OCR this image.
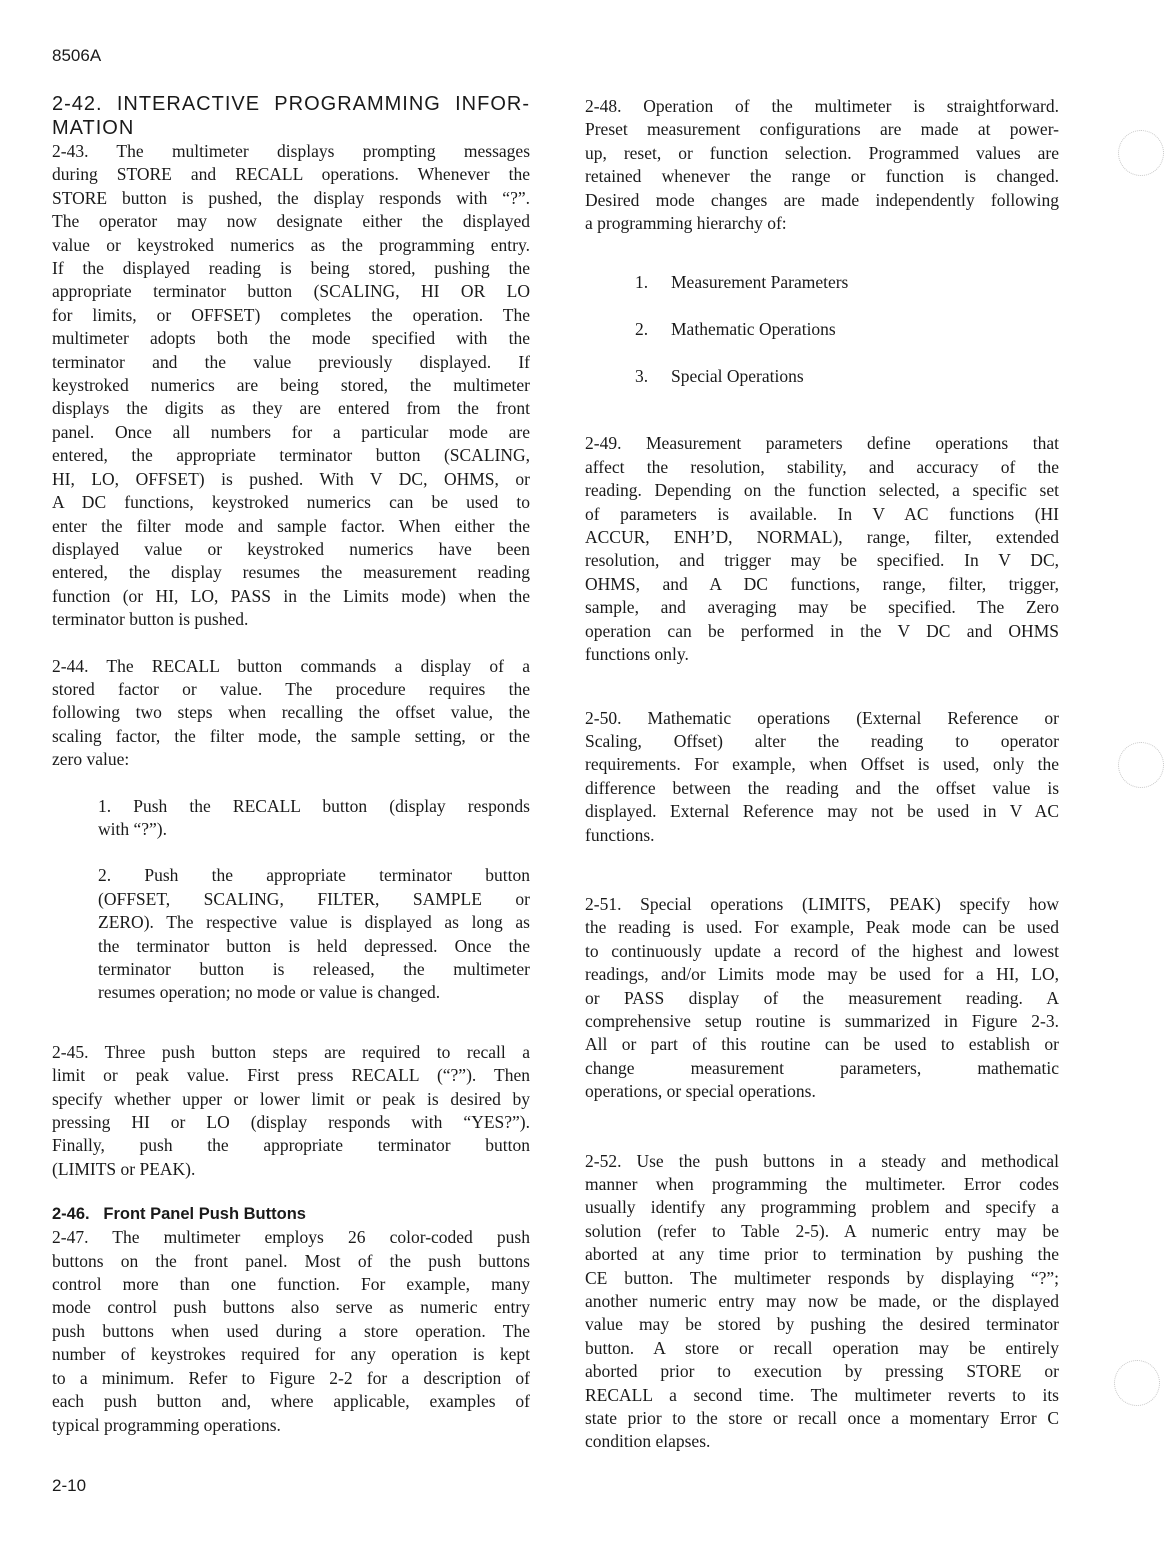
8506A
2-42. INTERACTIVE PROGRAMMING INFOR-
MATION
2-43. The multimeter displays prompting messages
during STORE and RECALL operations. Whenever the
STORE button is pushed, the display responds with “?”.
The operator may now designate either the displayed
value or keystroked numerics as the programming entry.
If the displayed reading is being stored, pushing the
appropriate terminator button (SCALING, HI OR LO
for limits, or OFFSET) completes the operation. The
multimeter adopts both the mode specified with the
terminator and the value previously displayed. If
keystroked numerics are being stored, the multimeter
displays the digits as they are entered from the front
panel. Once all numbers for a particular mode are
entered, the appropriate terminator button (SCALING,
HI, LO, OFFSET) is pushed. With V DC, OHMS, or
A DC functions, keystroked numerics can be used to
enter the filter mode and sample factor. When either the
displayed value or keystroked numerics have been
entered, the display resumes the measurement reading
function (or HI, LO, PASS in the Limits mode) when the
terminator button is pushed.
2-44. The RECALL button commands a display of a
stored factor or value. The procedure requires the
following two steps when recalling the offset value, the
scaling factor, the filter mode, the sample setting, or the
zero value:
1. Push the RECALL button (display responds
with “?”).
2. Push the appropriate terminator button
(OFFSET, SCALING, FILTER, SAMPLE or
ZERO). The respective value is displayed as long as
the terminator button is held depressed. Once the
terminator button is released, the multimeter
resumes operation; no mode or value is changed.
2-45. Three push button steps are required to recall a
limit or peak value. First press RECALL (“?”). Then
specify whether upper or lower limit or peak is desired by
pressing HI or LO (display responds with “YES?”).
Finally, push the appropriate terminator button
(LIMITS or PEAK).
2-46.   Front Panel Push Buttons
2-47. The multimeter employs 26 color-coded push
buttons on the front panel. Most of the push buttons
control more than one function. For example, many
mode control push buttons also serve as numeric entry
push buttons when used during a store operation. The
number of keystrokes required for any operation is kept
to a minimum. Refer to Figure 2-2 for a description of
each push button and, where applicable, examples of
typical programming operations.
2-48. Operation of the multimeter is straightforward.
Preset measurement configurations are made at power-
up, reset, or function selection. Programmed values are
retained whenever the range or function is changed.
Desired mode changes are made independently following
a programming hierarchy of:
1. Measurement Parameters
2. Mathematic Operations
3. Special Operations
2-49. Measurement parameters define operations that
affect the resolution, stability, and accuracy of the
reading. Depending on the function selected, a specific set
of parameters is available. In V AC functions (HI
ACCUR, ENH’D, NORMAL), range, filter, extended
resolution, and trigger may be specified. In V DC,
OHMS, and A DC functions, range, filter, trigger,
sample, and averaging may be specified. The Zero
operation can be performed in the V DC and OHMS
functions only.
2-50. Mathematic operations (External Reference or
Scaling, Offset) alter the reading to operator
requirements. For example, when Offset is used, only the
difference between the reading and the offset value is
displayed. External Reference may not be used in V AC
functions.
2-51. Special operations (LIMITS, PEAK) specify how
the reading is used. For example, Peak mode can be used
to continuously update a record of the highest and lowest
readings, and/or Limits mode may be used for a HI, LO,
or PASS display of the measurement reading. A
comprehensive setup routine is summarized in Figure 2-3.
All or part of this routine can be used to establish or
change measurement parameters, mathematic
operations, or special operations.
2-52. Use the push buttons in a steady and methodical
manner when programming the multimeter. Error codes
usually identify any programming problem and specify a
solution (refer to Table 2-5). A numeric entry may be
aborted at any time prior to termination by pushing the
CE button. The multimeter responds by displaying “?”;
another numeric entry may now be made, or the displayed
value may be stored by pushing the desired terminator
button. A store or recall operation may be entirely
aborted prior to execution by pressing STORE or
RECALL a second time. The multimeter reverts to its
state prior to the store or recall once a momentary Error C
condition elapses.
2-10
